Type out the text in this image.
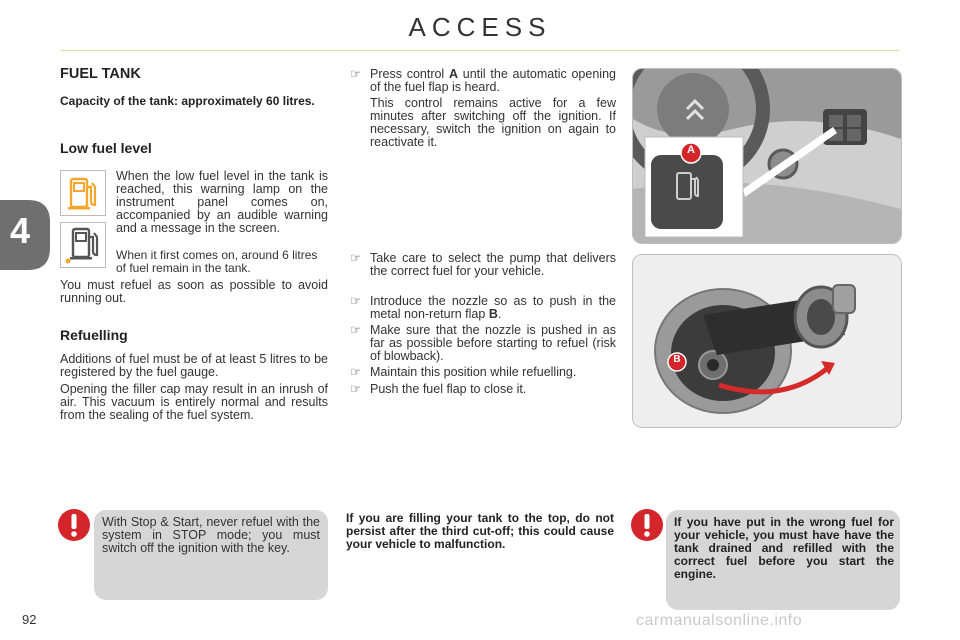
ACCESS
4
FUEL TANK
Capacity of the tank: approximately 60 litres.
Low fuel level
When the low fuel level in the tank is reached, this warning lamp on the instrument panel comes on, accompanied by an audible warning and a message in the screen.
When it first comes on, around 6 litres of fuel remain in the tank.
You must refuel as soon as possible to avoid running out.
Refuelling
Additions of fuel must be of at least 5 litres to be registered by the fuel gauge.
Opening the filler cap may result in an inrush of air. This vacuum is entirely normal and results from the sealing of the fuel system.
☞ Press control A until the automatic opening of the fuel flap is heard.
This control remains active for a few minutes after switching off the ignition. If necessary, switch the ignition on again to reactivate it.
☞ Take care to select the pump that delivers the correct fuel for your vehicle.
☞ Introduce the nozzle so as to push in the metal non-return flap B.
☞ Make sure that the nozzle is pushed in as far as possible before starting to refuel (risk of blowback).
☞ Maintain this position while refuelling.
☞ Push the fuel flap to close it.
A
B
With Stop & Start, never refuel with the system in STOP mode; you must switch off the ignition with the key.
If you are filling your tank to the top, do not persist after the third cut-off; this could cause your vehicle to malfunction.
If you have put in the wrong fuel for your vehicle, you must have have the tank drained and refilled with the correct fuel before you start the engine.
92	carmanualsonline.info
